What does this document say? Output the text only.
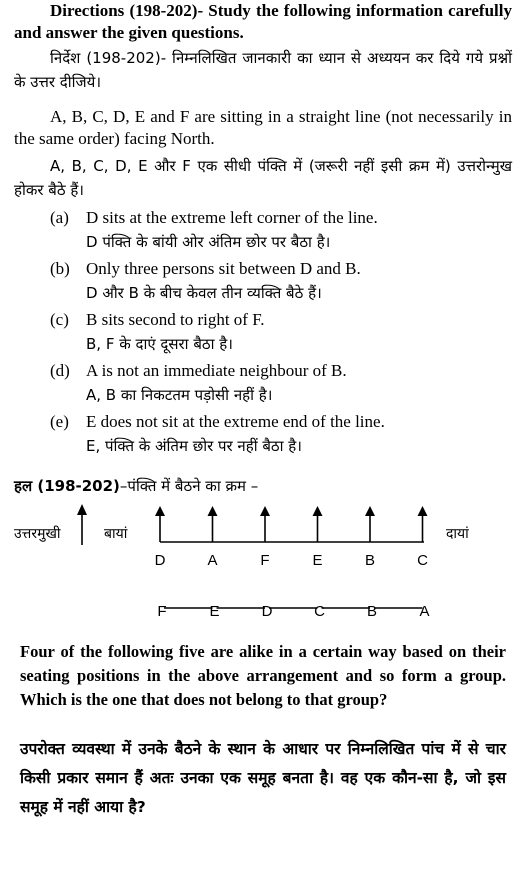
Directions (198-202)- Study the following information carefully and answer the given questions.
निर्देश (198-202)- निम्नलिखित जानकारी का ध्यान से अध्ययन कर दिये गये प्रश्नों के उत्तर दीजिये।
A, B, C, D, E and F are sitting in a straight line (not necessarily in the same order) facing North.
A, B, C, D, E और F एक सीधी पंक्ति में (जरूरी नहीं इसी क्रम में) उत्तरोन्मुख होकर बैठे हैं।
(a) D sits at the extreme left corner of the line.
D पंक्ति के बांयी ओर अंतिम छोर पर बैठा है।
(b) Only three persons sit between D and B.
D और B के बीच केवल तीन व्यक्ति बैठे हैं।
(c) B sits second to right of F.
B, F के दाएं दूसरा बैठा है।
(d) A is not an immediate neighbour of B.
A, B का निकटतम पड़ोसी नहीं है।
(e) E does not sit at the extreme end of the line.
E, पंक्ति के अंतिम छोर पर नहीं बैठा है।
हल (198-202)–पंक्ति में बैठने का क्रम –
उत्तरमुखी	बायां	दायां
D	A	F	E	B	C
F	E	D	C	B	A
Four of the following five are alike in a certain way based on their seating positions in the above arrangement and so form a group. Which is the one that does not belong to that group?
उपरोक्त व्यवस्था में उनके बैठने के स्थान के आधार पर निम्नलिखित पांच में से चार किसी प्रकार समान हैं अतः उनका एक समूह बनता है। वह एक कौन-सा है, जो इस समूह में नहीं आया है?
